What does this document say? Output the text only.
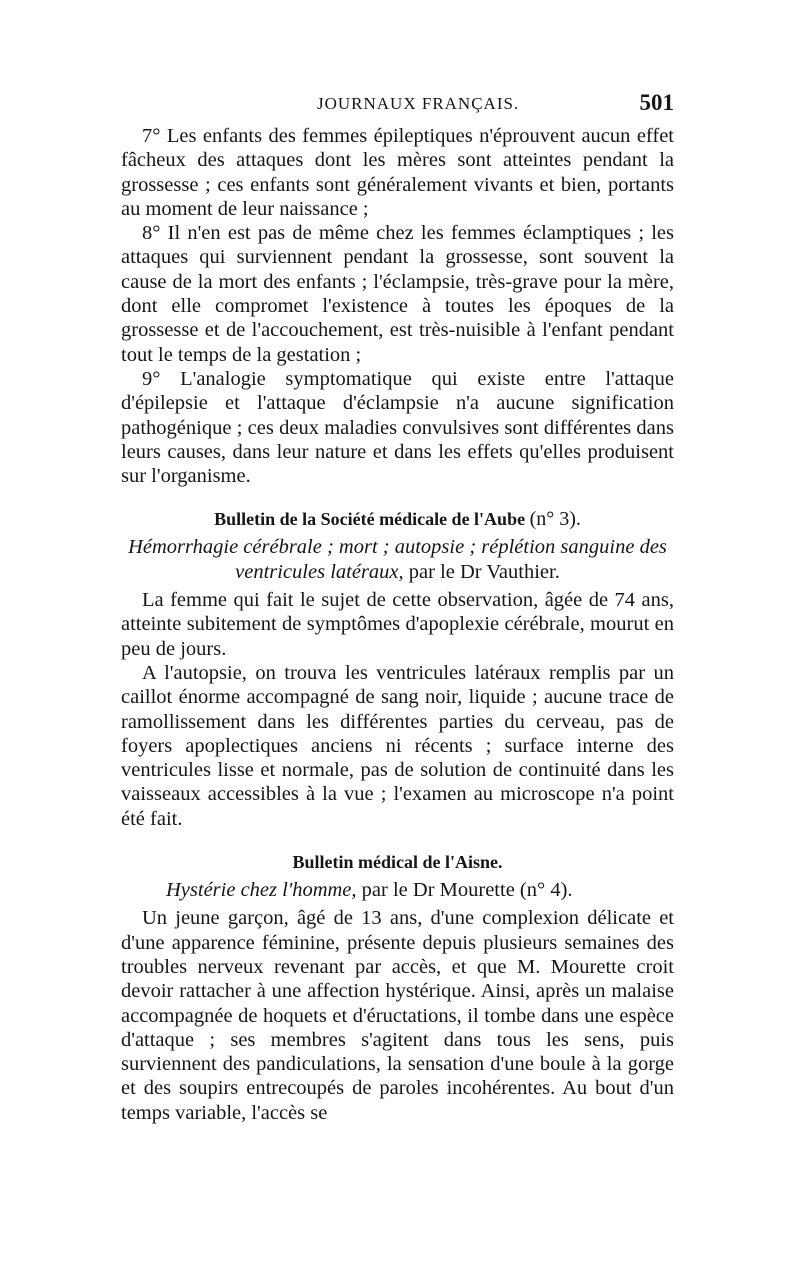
JOURNAUX FRANÇAIS.	501

7° Les enfants des femmes épileptiques n'éprouvent aucun effet fâcheux des attaques dont les mères sont atteintes pendant la grossesse ; ces enfants sont généralement vivants et bien, portants au moment de leur naissance ;

8° Il n'en est pas de même chez les femmes éclamptiques ; les attaques qui surviennent pendant la grossesse, sont souvent la cause de la mort des enfants ; l'éclampsie, très-grave pour la mère, dont elle compromet l'existence à toutes les époques de la grossesse et de l'accouchement, est très-nuisible à l'enfant pendant tout le temps de la gestation ;

9° L'analogie symptomatique qui existe entre l'attaque d'épilepsie et l'attaque d'éclampsie n'a aucune signification pathogénique ; ces deux maladies convulsives sont différentes dans leurs causes, dans leur nature et dans les effets qu'elles produisent sur l'organisme.

Bulletin de la Société médicale de l'Aube (n° 3).
Hémorrhagie cérébrale ; mort ; autopsie ; réplétion sanguine des ventricules latéraux, par le Dr Vauthier.

La femme qui fait le sujet de cette observation, âgée de 74 ans, atteinte subitement de symptômes d'apoplexie cérébrale, mourut en peu de jours.

A l'autopsie, on trouva les ventricules latéraux remplis par un caillot énorme accompagné de sang noir, liquide ; aucune trace de ramollissement dans les différentes parties du cerveau, pas de foyers apoplectiques anciens ni récents ; surface interne des ventricules lisse et normale, pas de solution de continuité dans les vaisseaux accessibles à la vue ; l'examen au microscope n'a point été fait.

Bulletin médical de l'Aisne.
Hystérie chez l'homme, par le Dr Mourette (n° 4).

Un jeune garçon, âgé de 13 ans, d'une complexion délicate et d'une apparence féminine, présente depuis plusieurs semaines des troubles nerveux revenant par accès, et que M. Mourette croit devoir rattacher à une affection hystérique. Ainsi, après un malaise accompagnée de hoquets et d'éructations, il tombe dans une espèce d'attaque ; ses membres s'agitent dans tous les sens, puis surviennent des pandiculations, la sensation d'une boule à la gorge et des soupirs entrecoupés de paroles incohérentes. Au bout d'un temps variable, l'accès se
